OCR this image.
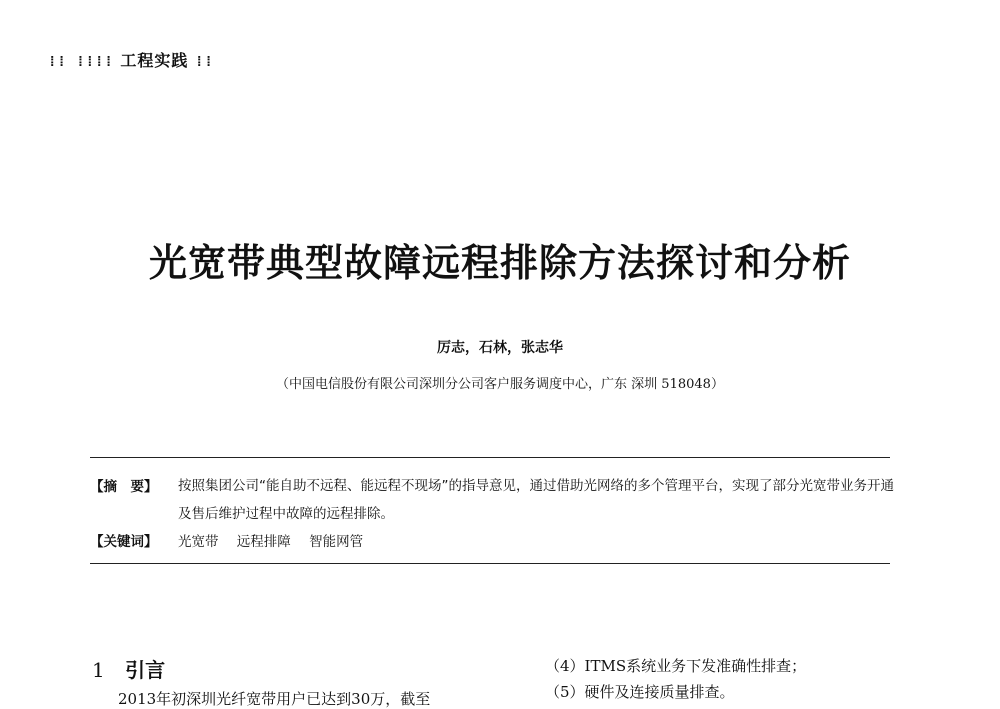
⁞⁞ ⁞⁞⁞⁞ 工程实践 ⁞⁞
光宽带典型故障远程排除方法探讨和分析
厉志，石林，张志华
（中国电信股份有限公司深圳分公司客户服务调度中心，广东 深圳 518048）
【摘　要】 按照集团公司“能自助不远程、能远程不现场”的指导意见，通过借助光网络的多个管理平台，实现了部分光宽带业务开通及售后维护过程中故障的远程排除。

【关键词】 光宽带 远程排障 智能网管
1 引言
2013年初深圳光纤宽带用户已达到30万，截至
（4）ITMS系统业务下发准确性排查；
（5）硬件及连接质量排查。
